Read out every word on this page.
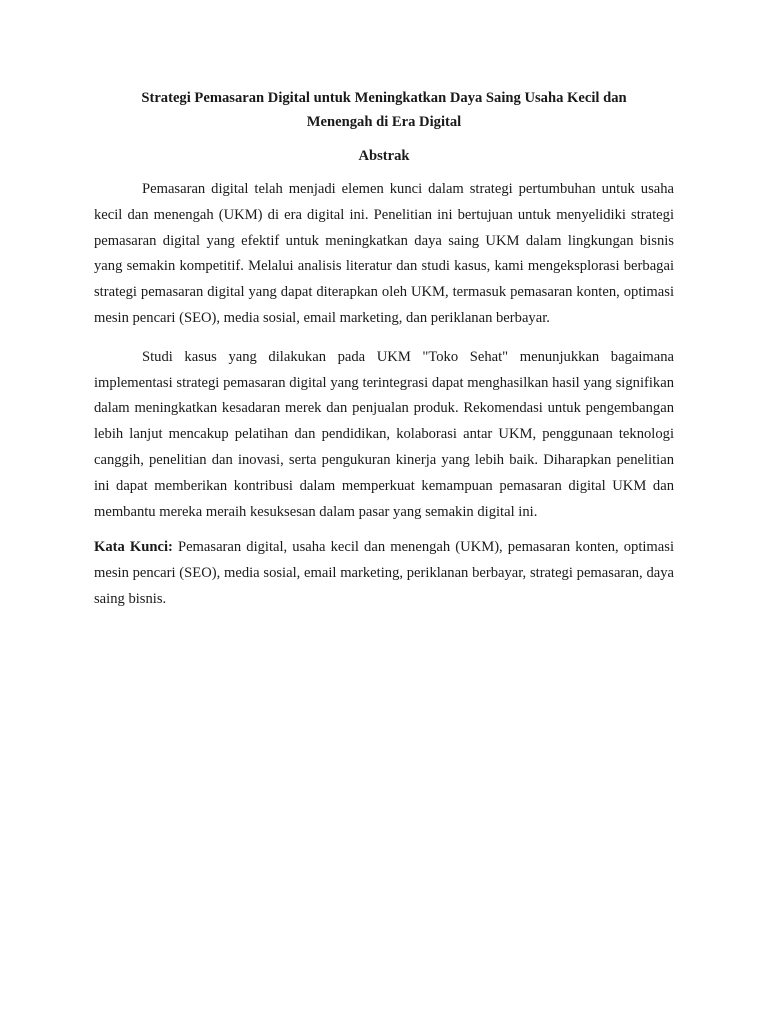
Strategi Pemasaran Digital untuk Meningkatkan Daya Saing Usaha Kecil dan
Menengah di Era Digital

Abstrak

Pemasaran digital telah menjadi elemen kunci dalam strategi pertumbuhan untuk usaha kecil dan menengah (UKM) di era digital ini. Penelitian ini bertujuan untuk menyelidiki strategi pemasaran digital yang efektif untuk meningkatkan daya saing UKM dalam lingkungan bisnis yang semakin kompetitif. Melalui analisis literatur dan studi kasus, kami mengeksplorasi berbagai strategi pemasaran digital yang dapat diterapkan oleh UKM, termasuk pemasaran konten, optimasi mesin pencari (SEO), media sosial, email marketing, dan periklanan berbayar.

Studi kasus yang dilakukan pada UKM "Toko Sehat" menunjukkan bagaimana implementasi strategi pemasaran digital yang terintegrasi dapat menghasilkan hasil yang signifikan dalam meningkatkan kesadaran merek dan penjualan produk. Rekomendasi untuk pengembangan lebih lanjut mencakup pelatihan dan pendidikan, kolaborasi antar UKM, penggunaan teknologi canggih, penelitian dan inovasi, serta pengukuran kinerja yang lebih baik. Diharapkan penelitian ini dapat memberikan kontribusi dalam memperkuat kemampuan pemasaran digital UKM dan membantu mereka meraih kesuksesan dalam pasar yang semakin digital ini.

Kata Kunci: Pemasaran digital, usaha kecil dan menengah (UKM), pemasaran konten, optimasi mesin pencari (SEO), media sosial, email marketing, periklanan berbayar, strategi pemasaran, daya saing bisnis.
